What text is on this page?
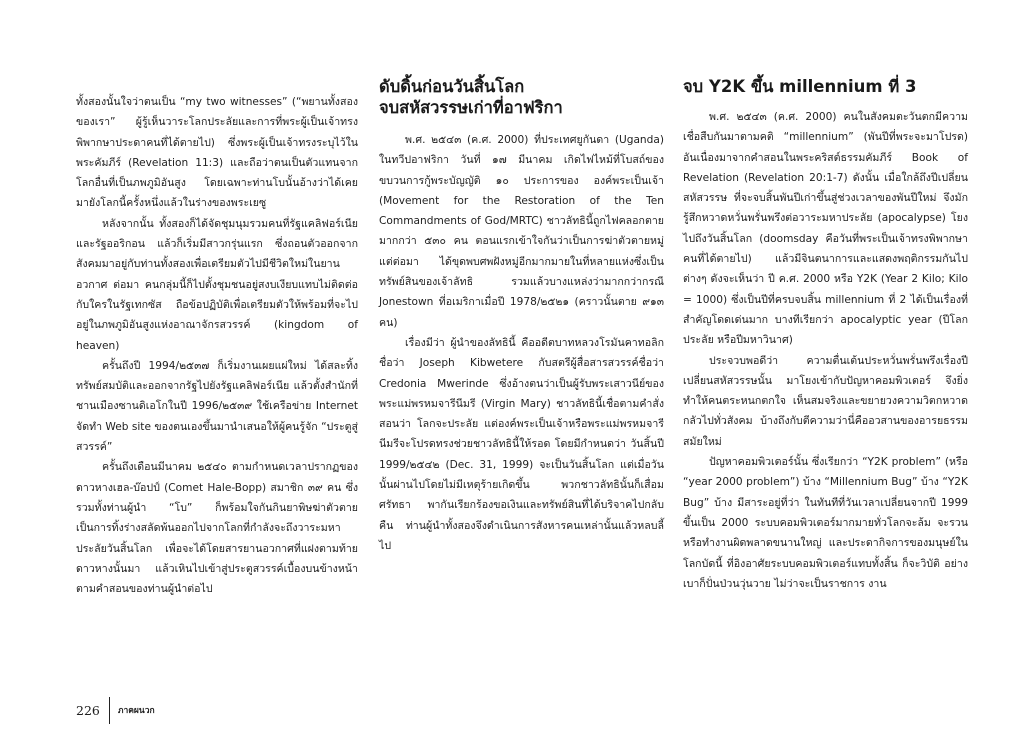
ทั้งสองนั้นใจว่าตนเป็น “my two witnesses” (“พยานทั้งสองของเรา” ผู้รู้เห็นวาระโลกประลัยและการที่พระผู้เป็นเจ้าทรงพิพากษาประดาคนที่ได้ตายไป) ซึ่งพระผู้เป็นเจ้าทรงระบุไว้ในพระคัมภีร์ (Revelation 11:3) และถือว่าตนเป็นตัวแทนจากโลกอื่นที่เป็นภพภูมิอันสูง โดยเฉพาะท่านโบนั้นอ้างว่าได้เคยมายังโลกนี้ครั้งหนึ่งแล้วในร่างของพระเยซู

หลังจากนั้น ทั้งสองก็ได้จัดชุมนุมรวมคนที่รัฐแคลิฟอร์เนีย และรัฐออริกอน แล้วก็เริ่มมีสาวกรุ่นแรก ซึ่งถอนตัวออกจากสังคมมาอยู่กับท่านทั้งสองเพื่อเตรียมตัวไปมีชีวิตใหม่ในยานอวกาศ ต่อมา คนกลุ่มนี้ก็ไปตั้งชุมชนอยู่สงบเงียบแทบไม่ติดต่อกับใครในรัฐเทกซัส ถือข้อปฏิบัติเพื่อเตรียมตัวให้พร้อมที่จะไปอยู่ในภพภูมิอันสูงแห่งอาณาจักรสวรรค์ (kingdom of heaven)

ครั้นถึงปี 1994/๒๕๓๗ ก็เริ่มงานเผยแผ่ใหม่ ได้สละทิ้งทรัพย์สมบัติและออกจากรัฐไปยังรัฐแคลิฟอร์เนีย แล้วตั้งสำนักที่ชานเมืองซานดิเอโกในปี 1996/๒๕๓๙ ใช้เครือข่าย Internet จัดทำ Web site ของตนเองขึ้นมานำเสนอให้ผู้คนรู้จัก “ประตูสู่สวรรค์”

ครั้นถึงเดือนมีนาคม ๒๕๔๐ ตามกำหนดเวลาปรากฏของดาวหางเฮล-บ๊อปป์ (Comet Hale-Bopp) สมาชิก ๓๙ คน ซึ่งรวมทั้งท่านผู้นำ “โบ” ก็พร้อมใจกันกินยาพิษฆ่าตัวตาย เป็นการทิ้งร่างสลัดพ้นออกไปจากโลกที่กำลังจะถึงวาระมหาประลัยวันสิ้นโลก เพื่อจะได้โดยสารยานอวกาศที่แฝงตามท้ายดาวหางนั้นมา แล้วเหินไปเข้าสู่ประตูสวรรค์เบื้องบนข้างหน้าตามคำสอนของท่านผู้นำต่อไป

ดับดิ้นก่อนวันสิ้นโลก
จบสหัสวรรษเก่าที่อาฟริกา

พ.ศ. ๒๕๔๓ (ค.ศ. 2000) ที่ประเทศยูกันดา (Uganda) ในทวีปอาฟริกา วันที่ ๑๗ มีนาคม เกิดไฟไหม้ที่โบสถ์ของขบวนการกู้พระบัญญัติ ๑๐ ประการของ องค์พระเป็นเจ้า (Movement for the Restoration of the Ten Commandments of God/MRTC) ชาวลัทธินี้ถูกไฟคลอกตายมากกว่า ๕๓๐ คน ตอนแรกเข้าใจกันว่าเป็นการฆ่าตัวตายหมู่ แต่ต่อมา ได้ขุดพบศพฝังหมู่อีกมากมายในที่หลายแห่งซึ่งเป็นทรัพย์สินของเจ้าลัทธิ รวมแล้วบางแหล่งว่ามากกว่ากรณี Jonestown ที่อเมริกาเมื่อปี 1978/๒๕๒๑ (คราวนั้นตาย ๙๑๓ คน)

เรื่องมีว่า ผู้นำของลัทธินี้ คืออดีตบาทหลวงโรมันคาทอลิกชื่อว่า Joseph Kibwetere กับสตรีผู้สื่อสารสวรรค์ชื่อว่า Credonia Mwerinde ซึ่งอ้างตนว่าเป็นผู้รับพระเสาวนีย์ของพระแม่พรหมจารีนีมรี (Virgin Mary) ชาวลัทธินี้เชื่อตามคำสั่งสอนว่า โลกจะประลัย แต่องค์พระเป็นเจ้าหรือพระแม่พรหมจารีนีมรีจะโปรดทรงช่วยชาวลัทธินี้ให้รอด โดยมีกำหนดว่า วันสิ้นปี 1999/๒๕๔๒ (Dec. 31, 1999) จะเป็นวันสิ้นโลก แต่เมื่อวันนั้นผ่านไปโดยไม่มีเหตุร้ายเกิดขึ้น พวกชาวลัทธินั้นก็เสื่อมศรัทธา พากันเรียกร้องขอเงินและทรัพย์สินที่ได้บริจาคไปกลับคืน ท่านผู้นำทั้งสองจึงดำเนินการสังหารคนเหล่านั้นแล้วหลบลี้ไป

จบ Y2K ขึ้น millennium ที่ 3

พ.ศ. ๒๕๔๓ (ค.ศ. 2000) คนในสังคมตะวันตกมีความเชื่อสืบกันมาตามคติ “millennium” (พันปีที่พระจะมาโปรด) อันเนื่องมาจากคำสอนในพระคริสต์ธรรมคัมภีร์ Book of Revelation (Revelation 20:1-7) ดังนั้น เมื่อใกล้ถึงปีเปลี่ยนสหัสวรรษ ที่จะจบสิ้นพันปีเก่าขึ้นสู่ช่วงเวลาของพันปีใหม่ จึงมักรู้สึกหวาดหวั่นพรั่นพรึงต่อวาระมหาประลัย (apocalypse) โยงไปถึงวันสิ้นโลก (doomsday คือวันที่พระเป็นเจ้าทรงพิพากษาคนที่ได้ตายไป) แล้วมีจินตนาการและแสดงพฤติกรรมกันไปต่างๆ ดังจะเห็นว่า ปี ค.ศ. 2000 หรือ Y2K (Year 2 Kilo; Kilo = 1000) ซึ่งเป็นปีที่ครบจบสิ้น millennium ที่ 2 ได้เป็นเรื่องที่สำคัญโดดเด่นมาก บางทีเรียกว่า apocalyptic year (ปีโลกประลัย หรือปีมหาวินาศ)

ประจวบพอดีว่า ความตื่นเต้นประหวั่นพรั่นพรึงเรื่องปีเปลี่ยนสหัสวรรษนั้น มาโยงเข้ากับปัญหาคอมพิวเตอร์ จึงยิ่งทำให้คนตระหนกตกใจ เห็นสมจริงและขยายวงความวิตกหวาดกลัวไปทั่วสังคม บ้างถึงกับตีความว่านี่คืออวสานของอารยธรรมสมัยใหม่

ปัญหาคอมพิวเตอร์นั้น ซึ่งเรียกว่า “Y2K problem” (หรือ “year 2000 problem”) บ้าง “Millennium Bug” บ้าง “Y2K Bug” บ้าง มีสาระอยู่ที่ว่า ในทันทีที่วันเวลาเปลี่ยนจากปี 1999 ขึ้นเป็น 2000 ระบบคอมพิวเตอร์มากมายทั่วโลกจะล้ม จะรวน หรือทำงานผิดพลาดขนานใหญ่ และประดากิจการของมนุษย์ในโลกบัดนี้ ที่อิงอาศัยระบบคอมพิวเตอร์แทบทั้งสิ้น ก็จะวิบัติ อย่างเบาก็ปั่นป่วนวุ่นวาย ไม่ว่าจะเป็นราชการ งาน

226 ภาคผนวก
